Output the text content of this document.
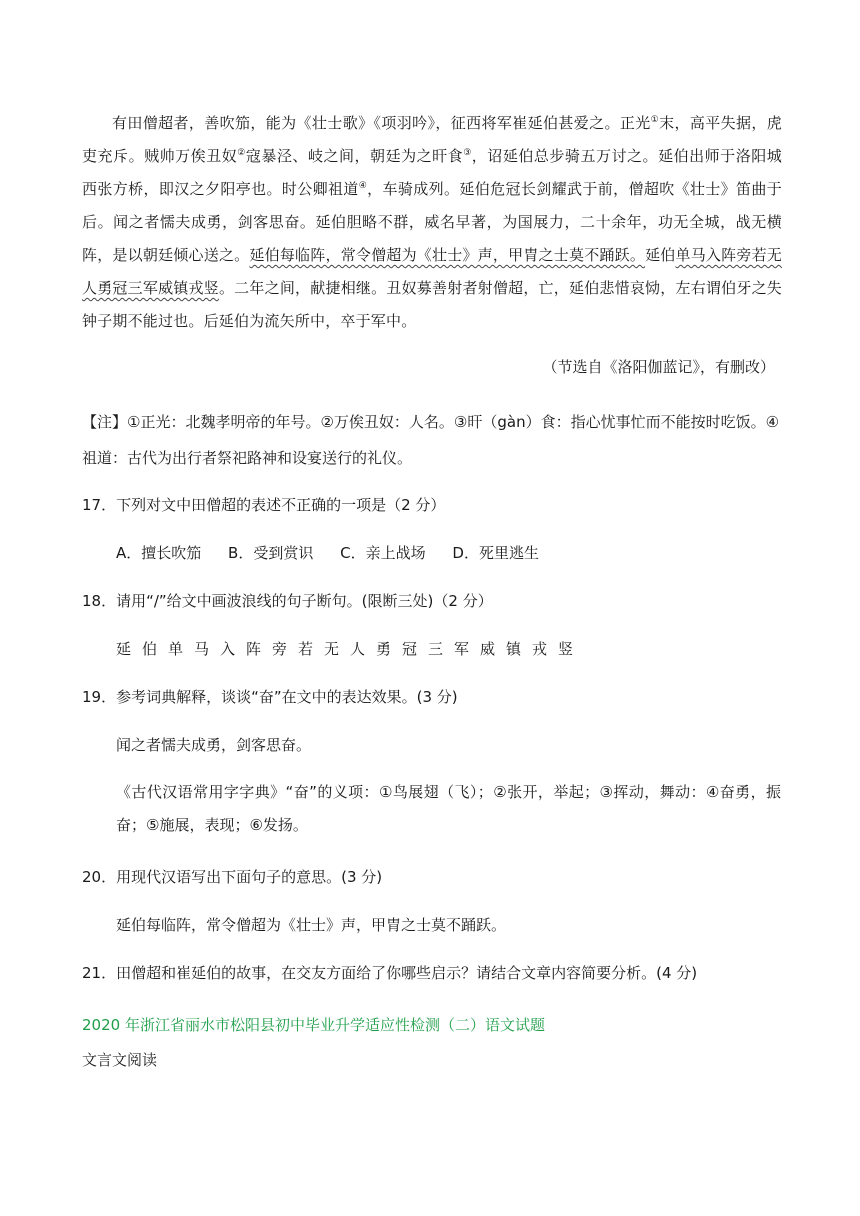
有田僧超者，善吹笳，能为《壮士歌》《项羽吟》，征西将军崔延伯甚爱之。正光①末，高平失据，虎吏充斥。贼帅万俟丑奴②寇暴泾、岐之间，朝廷为之旰食③，诏延伯总步骑五万讨之。延伯出师于洛阳城西张方桥，即汉之夕阳亭也。时公卿祖道④，车骑成列。延伯危冠长剑耀武于前，僧超吹《壮士》笛曲于后。闻之者懦夫成勇，剑客思奋。延伯胆略不群，威名早著，为国展力，二十余年，功无全城，战无横阵，是以朝廷倾心送之。延伯每临阵，常令僧超为《壮士》声，甲胄之士莫不踊跃。延伯单马入阵旁若无人勇冠三军威镇戎竖。二年之间，献捷相继。丑奴募善射者射僧超，亡，延伯悲惜哀恸，左右谓伯牙之失钟子期不能过也。后延伯为流矢所中，卒于军中。

（节选自《洛阳伽蓝记》，有删改）
【注】①正光：北魏孝明帝的年号。②万俟丑奴：人名。③旰（gàn）食：指心忧事忙而不能按时吃饭。④祖道：古代为出行者祭祀路神和设宴送行的礼仪。
17．下列对文中田僧超的表述不正确的一项是（2 分）
A．擅长吹笳 B．受到赏识 C．亲上战场 D．死里逃生
18．请用“/”给文中画波浪线的句子断句。(限断三处)（2 分）
延伯单马入阵旁若无人勇冠三军威镇戎竖
19．参考词典解释，谈谈“奋”在文中的表达效果。(3 分)
闻之者懦夫成勇，剑客思奋。

《古代汉语常用字字典》“奋”的义项：①鸟展翅（飞）；②张开，举起；③挥动，舞动：④奋勇，振奋；⑤施展，表现；⑥发扬。

20．用现代汉语写出下面句子的意思。(3 分)
延伯每临阵，常令僧超为《壮士》声，甲胄之士莫不踊跃。
21．田僧超和崔延伯的故事，在交友方面给了你哪些启示？请结合文章内容简要分析。(4 分)
2020 年浙江省丽水市松阳县初中毕业升学适应性检测（二）语文试题
文言文阅读
